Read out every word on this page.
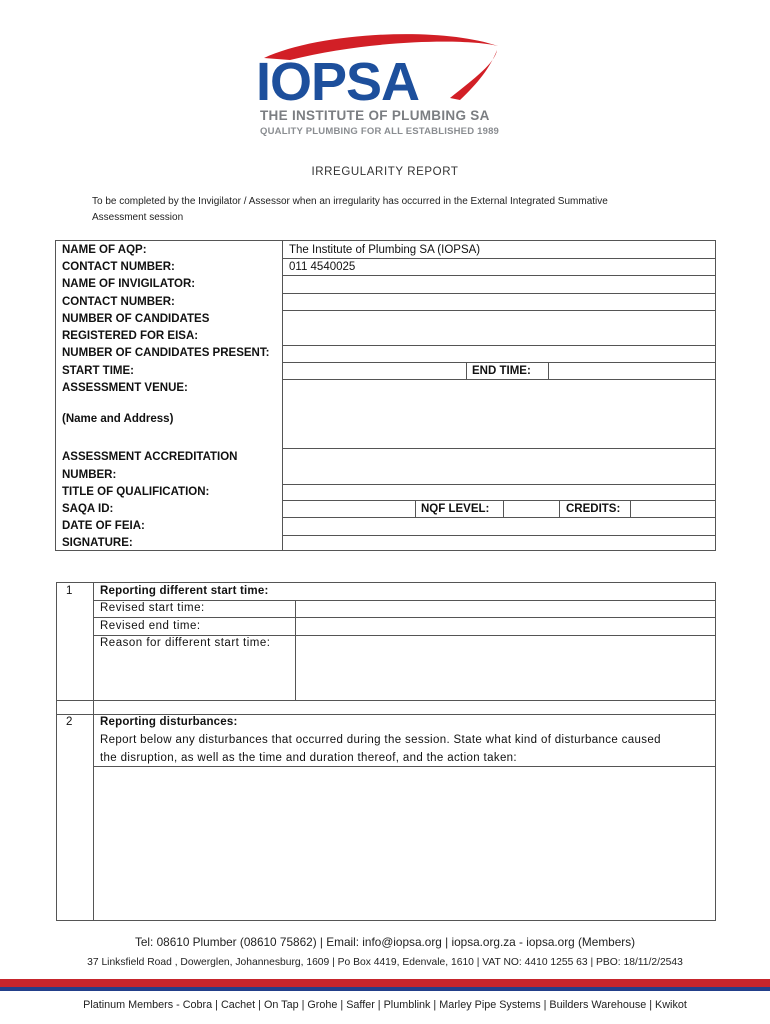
IOPSA
THE INSTITUTE OF PLUMBING SA
QUALITY PLUMBING FOR ALL ESTABLISHED 1989
IRREGULARITY REPORT
To be completed by the Invigilator / Assessor when an irregularity has occurred in the External Integrated Summative
Assessment session
NAME OF AQP:	The Institute of Plumbing SA (IOPSA)
CONTACT NUMBER:	011 4540025
NAME OF INVIGILATOR:
CONTACT NUMBER:
NUMBER OF CANDIDATES
REGISTERED FOR EISA:
NUMBER OF CANDIDATES PRESENT:
START TIME:	END TIME:
ASSESSMENT VENUE:
(Name and Address)
ASSESSMENT ACCREDITATION
NUMBER:
TITLE OF QUALIFICATION:
SAQA ID:	NQF LEVEL:	CREDITS:
DATE OF FEIA:
SIGNATURE:
1 Reporting different start time:
Revised start time:
Revised end time:
Reason for different start time:
2 Reporting disturbances:
Report below any disturbances that occurred during the session. State what kind of disturbance caused
the disruption, as well as the time and duration thereof, and the action taken:
Tel: 08610 Plumber (08610 75862) | Email: info@iopsa.org | iopsa.org.za - iopsa.org (Members)
37 Linksfield Road , Dowerglen, Johannesburg, 1609 | Po Box 4419, Edenvale, 1610 | VAT NO: 4410 1255 63 | PBO: 18/11/2/2543
Platinum Members - Cobra | Cachet | On Tap | Grohe | Saffer | Plumblink | Marley Pipe Systems | Builders Warehouse | Kwikot
